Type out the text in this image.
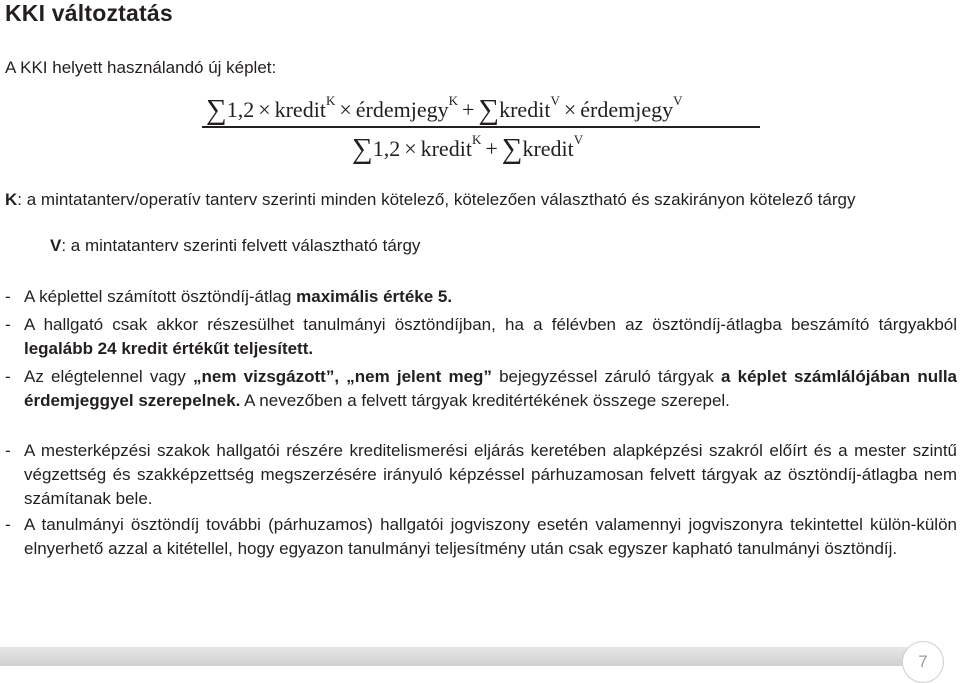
KKI változtatás
A KKI helyett használandó új képlet:
∑1,2 × kredit$^K$ × érdemjegy$^K$ + ∑kredit$^V$ × érdemjegy$^V$
∑1,2 × kredit$^K$ + ∑kredit$^V$
K: a mintatanterv/operatív tanterv szerinti minden kötelező, kötelezően választható és szakirányon kötelező tárgy
V: a mintatanterv szerinti felvett választható tárgy
- A képlettel számított ösztöndíj-átlag maximális értéke 5.
- A hallgató csak akkor részesülhet tanulmányi ösztöndíjban, ha a félévben az ösztöndíj-átlagba beszámító tárgyakból legalább 24 kredit értékűt teljesített.
- Az elégtelennel vagy „nem vizsgázott”, „nem jelent meg” bejegyzéssel záruló tárgyak a képlet számlálójában nulla érdemjeggyel szerepelnek. A nevezőben a felvett tárgyak kreditértékének összege szerepel.
- A mesterképzési szakok hallgatói részére kreditelismerési eljárás keretében alapképzési szakról előírt és a mester szintű végzettség és szakképzettség megszerzésére irányuló képzéssel párhuzamosan felvett tárgyak az ösztöndíj-átlagba nem számítanak bele.
- A tanulmányi ösztöndíj további (párhuzamos) hallgatói jogviszony esetén valamennyi jogviszonyra tekintettel külön-külön elnyerhető azzal a kitétellel, hogy egyazon tanulmányi teljesítmény után csak egyszer kapható tanulmányi ösztöndíj.
7
